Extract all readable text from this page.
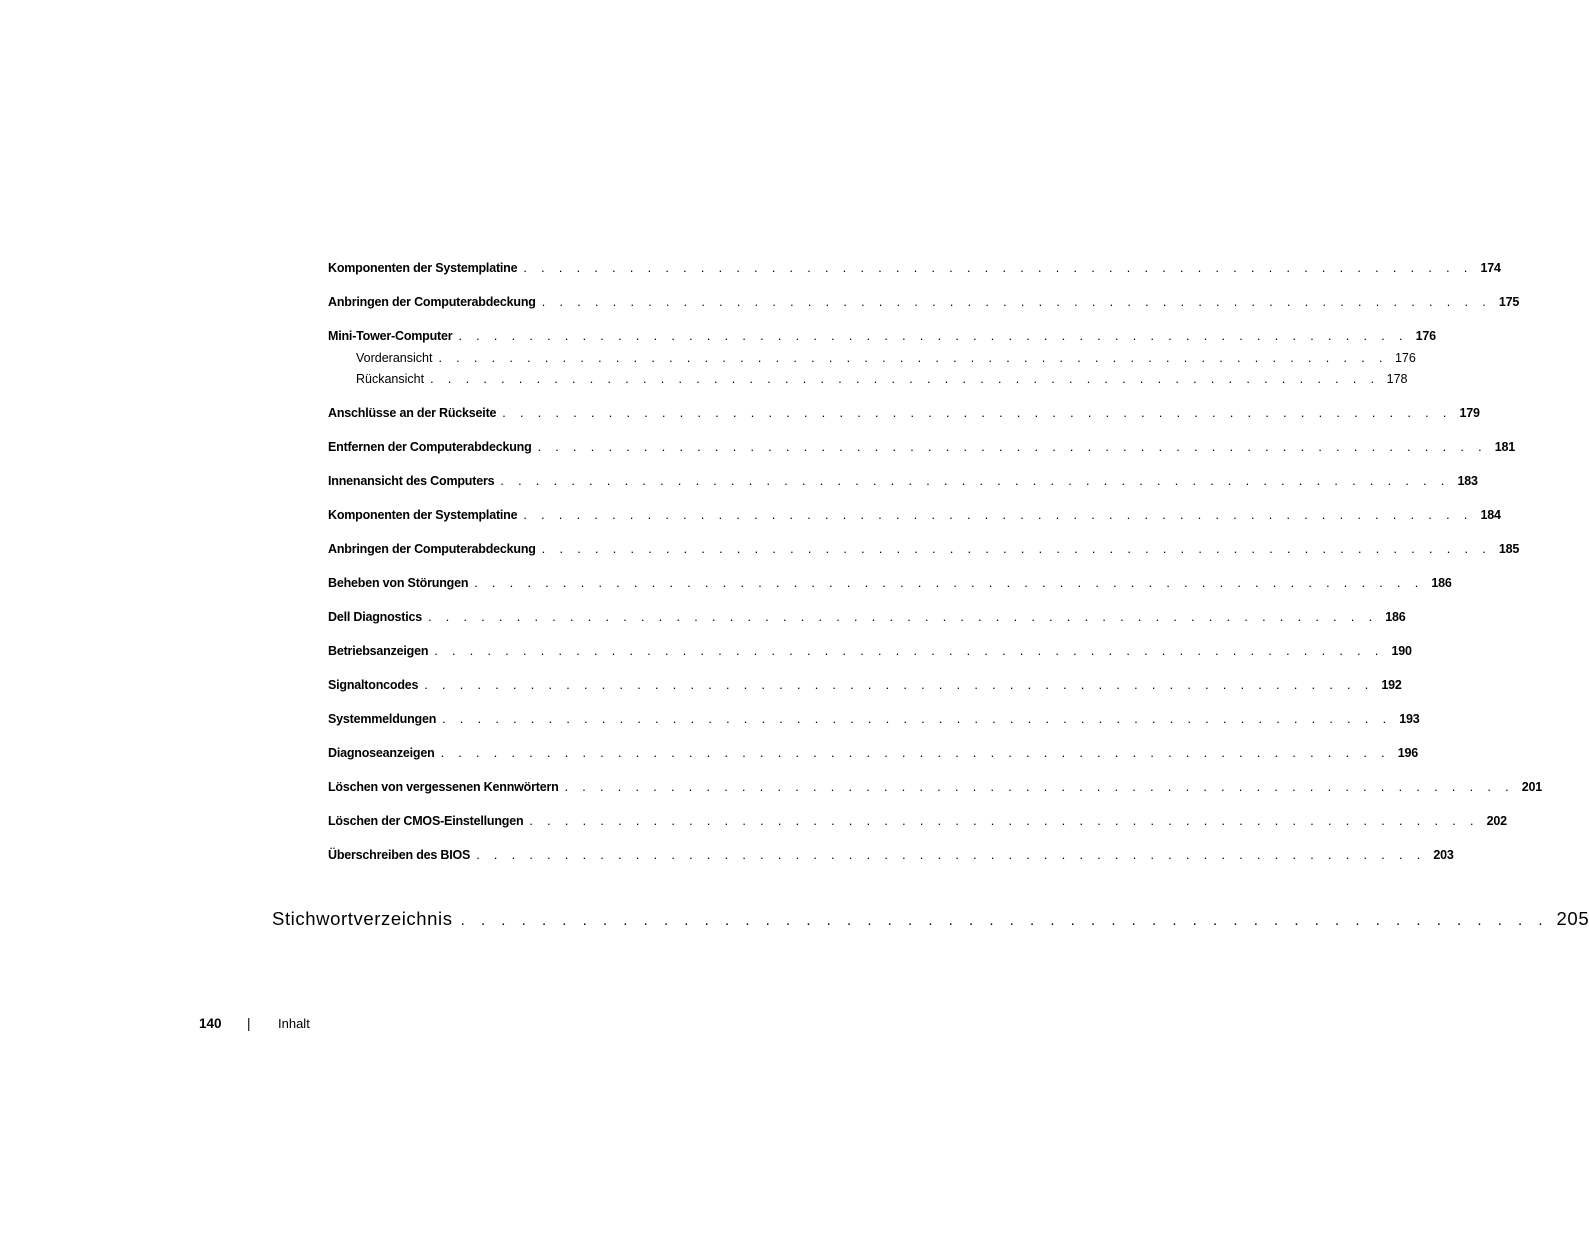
Komponenten der Systemplatine . . . . . . . . . . . . . . . . . . . . . . . . . . . . . . . . . . . . . . . . . . . . . . . . . . . . . . 174
Anbringen der Computerabdeckung . . . . . . . . . . . . . . . . . . . . . . . . . . . . . . . . . . . . . . . . . . . . . . . . . . . . . . 175
Mini-Tower-Computer . . . . . . . . . . . . . . . . . . . . . . . . . . . . . . . . . . . . . . . . . . . . . . . . . . . . . . 176
Vorderansicht . . . . . . . . . . . . . . . . . . . . . . . . . . . . . . . . . . . . . . . . . . . . . . . . . . . . . . 176
Rückansicht . . . . . . . . . . . . . . . . . . . . . . . . . . . . . . . . . . . . . . . . . . . . . . . . . . . . . . 178
Anschlüsse an der Rückseite . . . . . . . . . . . . . . . . . . . . . . . . . . . . . . . . . . . . . . . . . . . . . . . . . . . . . . 179
Entfernen der Computerabdeckung . . . . . . . . . . . . . . . . . . . . . . . . . . . . . . . . . . . . . . . . . . . . . . . . . . . . . . 181
Innenansicht des Computers . . . . . . . . . . . . . . . . . . . . . . . . . . . . . . . . . . . . . . . . . . . . . . . . . . . . . . 183
Komponenten der Systemplatine . . . . . . . . . . . . . . . . . . . . . . . . . . . . . . . . . . . . . . . . . . . . . . . . . . . . . . 184
Anbringen der Computerabdeckung . . . . . . . . . . . . . . . . . . . . . . . . . . . . . . . . . . . . . . . . . . . . . . . . . . . . . . 185
Beheben von Störungen . . . . . . . . . . . . . . . . . . . . . . . . . . . . . . . . . . . . . . . . . . . . . . . . . . . . . . 186
Dell Diagnostics . . . . . . . . . . . . . . . . . . . . . . . . . . . . . . . . . . . . . . . . . . . . . . . . . . . . . . 186
Betriebsanzeigen . . . . . . . . . . . . . . . . . . . . . . . . . . . . . . . . . . . . . . . . . . . . . . . . . . . . . . 190
Signaltoncodes . . . . . . . . . . . . . . . . . . . . . . . . . . . . . . . . . . . . . . . . . . . . . . . . . . . . . . 192
Systemmeldungen . . . . . . . . . . . . . . . . . . . . . . . . . . . . . . . . . . . . . . . . . . . . . . . . . . . . . . 193
Diagnoseanzeigen . . . . . . . . . . . . . . . . . . . . . . . . . . . . . . . . . . . . . . . . . . . . . . . . . . . . . . 196
Löschen von vergessenen Kennwörtern . . . . . . . . . . . . . . . . . . . . . . . . . . . . . . . . . . . . . . . . . . . . . . . . . . . . . . 201
Löschen der CMOS-Einstellungen . . . . . . . . . . . . . . . . . . . . . . . . . . . . . . . . . . . . . . . . . . . . . . . . . . . . . . 202
Überschreiben des BIOS . . . . . . . . . . . . . . . . . . . . . . . . . . . . . . . . . . . . . . . . . . . . . . . . . . . . . . 203
Stichwortverzeichnis . . . . . . . . . . . . . . . . . . . . . . . . . . . . . . . . . . . . . . . . . . . . . . . . . . . . . . 205
140 | Inhalt
